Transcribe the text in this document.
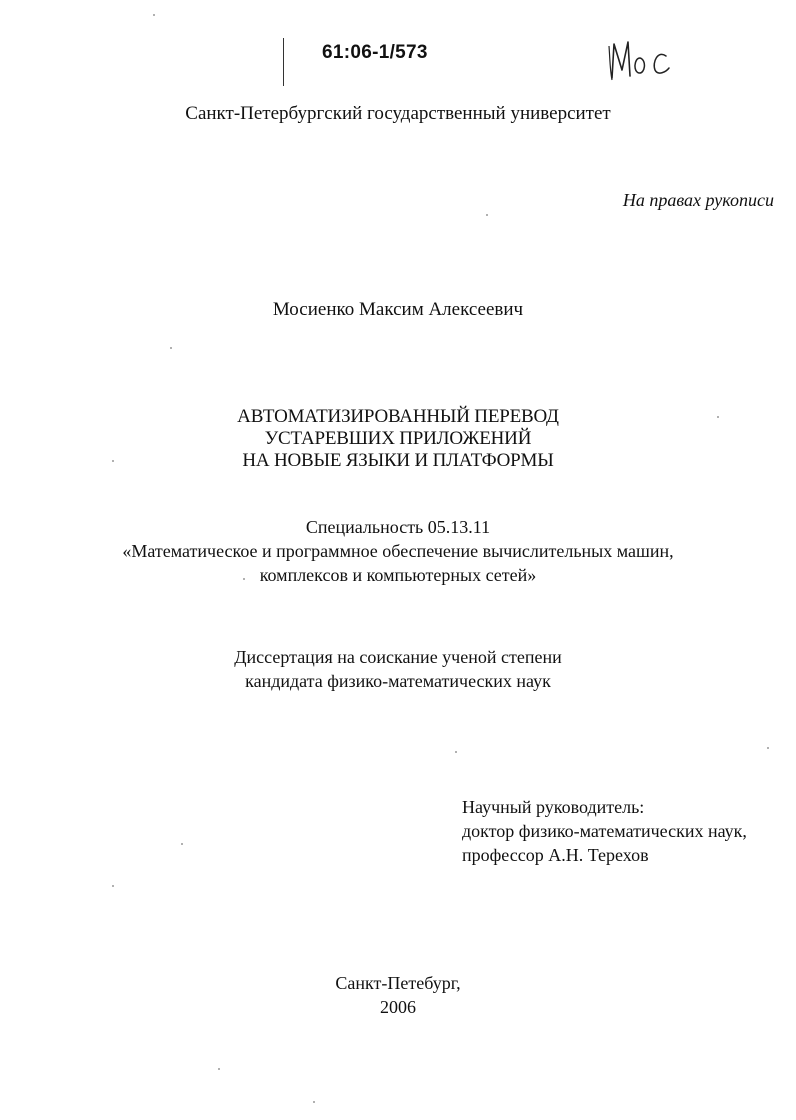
61:06-1/573
Санкт-Петербургский государственный университет
На правах рукописи
Мосиенко Максим Алексеевич
АВТОМАТИЗИРОВАННЫЙ ПЕРЕВОД
УСТАРЕВШИХ ПРИЛОЖЕНИЙ
НА НОВЫЕ ЯЗЫКИ И ПЛАТФОРМЫ
Специальность 05.13.11
«Математическое и программное обеспечение вычислительных машин,
комплексов и компьютерных сетей»
Диссертация на соискание ученой степени
кандидата физико-математических наук
Научный руководитель:
доктор физико-математических наук,
профессор А.Н. Терехов
Санкт-Петебург,
2006
